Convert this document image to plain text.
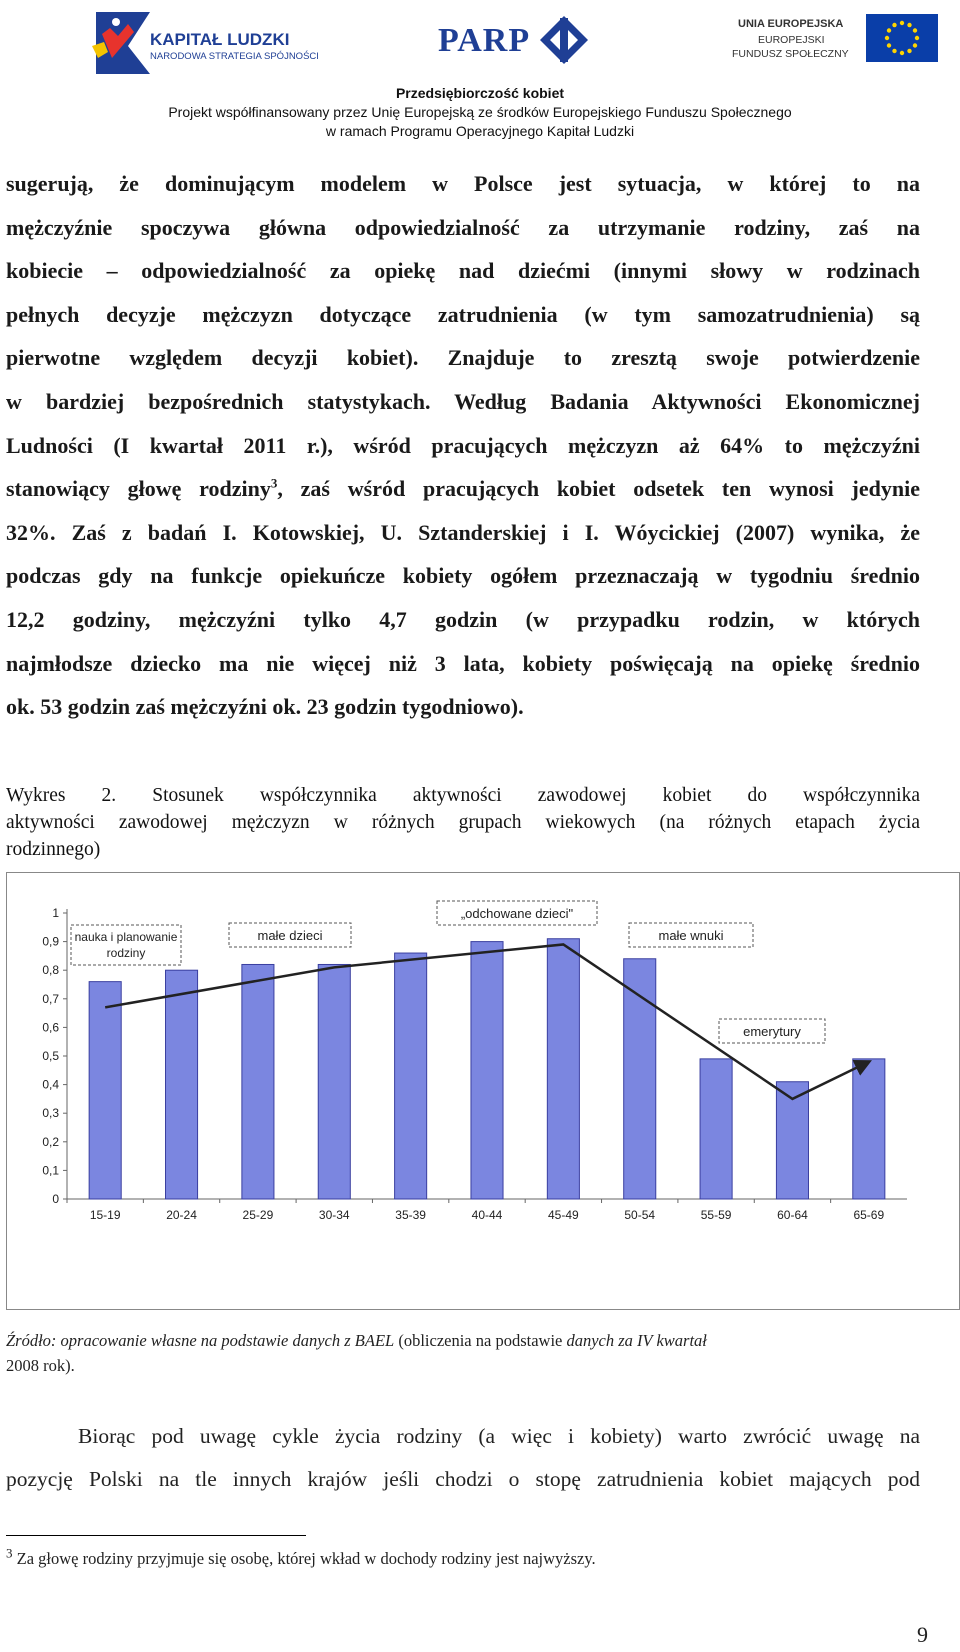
KAPITAŁ LUDZKI
NARODOWA STRATEGIA SPÓJNOŚCI	PARP	UNIA EUROPEJSKA
EUROPEJSKI
FUNDUSZ SPOŁECZNY
Przedsiębiorczość kobiet
Projekt współfinansowany przez Unię Europejską ze środków Europejskiego Funduszu Społecznego
w ramach Programu Operacyjnego Kapitał Ludzki
sugerują, że dominującym modelem w Polsce jest sytuacja, w której to na
mężczyźnie spoczywa główna odpowiedzialność za utrzymanie rodziny, zaś na
kobiecie – odpowiedzialność za opiekę nad dziećmi (innymi słowy w rodzinach
pełnych decyzje mężczyzn dotyczące zatrudnienia (w tym samozatrudnienia) są
pierwotne względem decyzji kobiet). Znajduje to zresztą swoje potwierdzenie
w bardziej bezpośrednich statystykach. Według Badania Aktywności Ekonomicznej
Ludności (I kwartał 2011 r.), wśród pracujących mężczyzn aż 64% to mężczyźni
stanowiący głowę rodziny$^3$, zaś wśród pracujących kobiet odsetek ten wynosi jedynie
32%. Zaś z badań I. Kotowskiej, U. Sztanderskiej i I. Wóycickiej (2007) wynika, że
podczas gdy na funkcje opiekuńcze kobiety ogółem przeznaczają w tygodniu średnio
12,2 godziny, mężczyźni tylko 4,7 godzin (w przypadku rodzin, w których
najmłodsze dziecko ma nie więcej niż 3 lata, kobiety poświęcają na opiekę średnio
ok. 53 godzin zaś mężczyźni ok. 23 godzin tygodniowo).
Wykres 2. Stosunek współczynnika aktywności zawodowej kobiet do współczynnika
aktywności zawodowej mężczyzn w różnych grupach wiekowych (na różnych etapach życia
rodzinnego)
nauka i planowanie
rodziny
małe dzieci
„odchowane dzieci"
małe wnuki
emerytury
0
0,1
0,2
0,3
0,4
0,5
0,6
0,7
0,8
0,9
1
15-19	20-24	25-29	30-34	35-39	40-44	45-49	50-54	55-59	60-64	65-69
Źródło: opracowanie własne na podstawie danych z BAEL (obliczenia na podstawie danych za IV kwartał
2008 rok).
Biorąc pod uwagę cykle życia rodziny (a więc i kobiety) warto zwrócić uwagę na
pozycję Polski na tle innych krajów jeśli chodzi o stopę zatrudnienia kobiet mających pod
$^3$ Za głowę rodziny przyjmuje się osobę, której wkład w dochody rodziny jest najwyższy.
9
